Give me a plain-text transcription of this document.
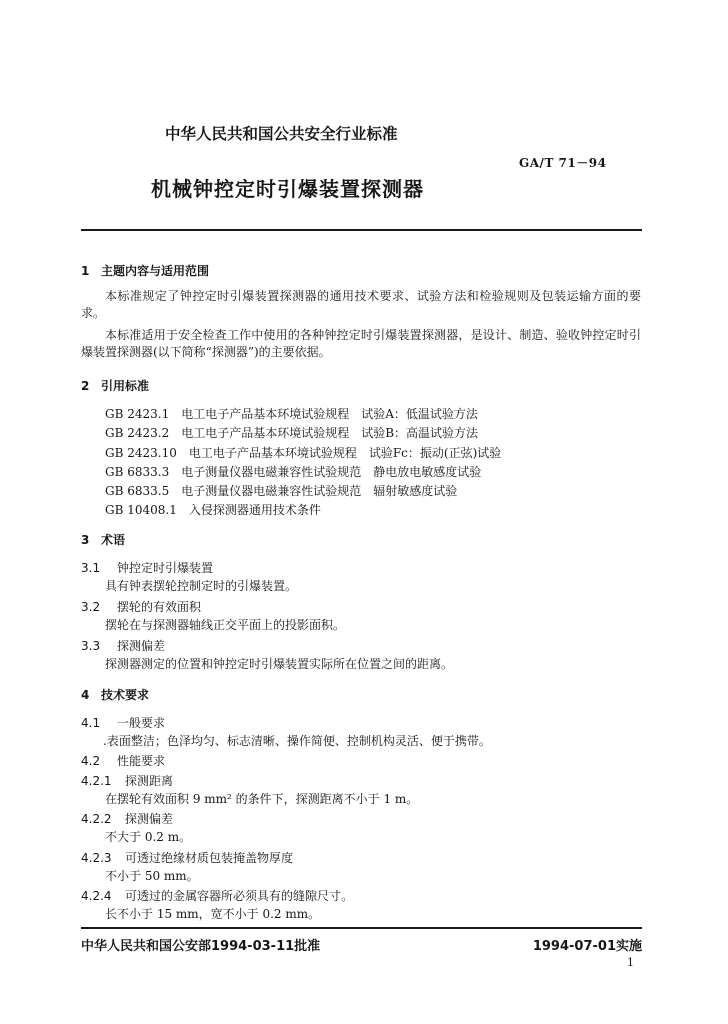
中华人民共和国公共安全行业标准
GA/T 71－94
机械钟控定时引爆装置探测器
1 主题内容与适用范围
本标准规定了钟控定时引爆装置探测器的通用技术要求、试验方法和检验规则及包装运输方面的要求。
本标准适用于安全检查工作中使用的各种钟控定时引爆装置探测器，是设计、制造、验收钟控定时引爆装置探测器(以下简称“探测器”)的主要依据。
2 引用标准
GB 2423.1　电工电子产品基本环境试验规程　试验A：低温试验方法
GB 2423.2　电工电子产品基本环境试验规程　试验B：高温试验方法
GB 2423.10　电工电子产品基本环境试验规程　试验Fc：振动(正弦)试验
GB 6833.3　电子测量仪器电磁兼容性试验规范　静电放电敏感度试验
GB 6833.5　电子测量仪器电磁兼容性试验规范　辐射敏感度试验
GB 10408.1　入侵探测器通用技术条件
3 术语
3.1 钟控定时引爆装置
具有钟表摆轮控制定时的引爆装置。
3.2 摆轮的有效面积
摆轮在与探测器轴线正交平面上的投影面积。
3.3 探测偏差
探测器测定的位置和钟控定时引爆装置实际所在位置之间的距离。
4 技术要求
4.1 一般要求
.表面整洁；色泽均匀、标志清晰、操作简便、控制机构灵活、便于携带。
4.2 性能要求
4.2.1 探测距离
在摆轮有效面积 9 mm² 的条件下，探测距离不小于 1 m。
4.2.2 探测偏差
不大于 0.2 m。
4.2.3 可透过绝缘材质包装掩盖物厚度
不小于 50 mm。
4.2.4 可透过的金属容器所必须具有的缝隙尺寸。
长不小于 15 mm，宽不小于 0.2 mm。
中华人民共和国公安部1994-03-11批准	1994-07-01实施
1
